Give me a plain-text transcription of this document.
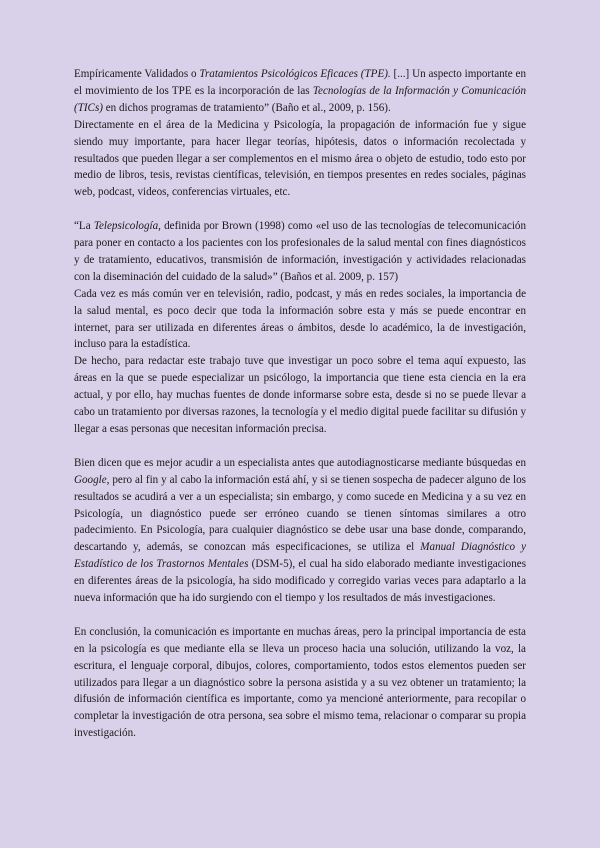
Empíricamente Validados o Tratamientos Psicológicos Eficaces (TPE). [...] Un aspecto importante en el movimiento de los TPE es la incorporación de las Tecnologías de la Información y Comunicación (TICs) en dichos programas de tratamiento” (Baño et al., 2009, p. 156).

Directamente en el área de la Medicina y Psicología, la propagación de información fue y sigue siendo muy importante, para hacer llegar teorías, hipótesis, datos o información recolectada y resultados que pueden llegar a ser complementos en el mismo área o objeto de estudio, todo esto por medio de libros, tesis, revistas científicas, televisión, en tiempos presentes en redes sociales, páginas web, podcast, videos, conferencias virtuales, etc.

“La Telepsicología, definida por Brown (1998) como «el uso de las tecnologías de telecomunicación para poner en contacto a los pacientes con los profesionales de la salud mental con fines diagnósticos y de tratamiento, educativos, transmisión de información, investigación y actividades relacionadas con la diseminación del cuidado de la salud»” (Baños et al. 2009, p. 157)

Cada vez es más común ver en televisión, radio, podcast, y más en redes sociales, la importancia de la salud mental, es poco decir que toda la información sobre esta y más se puede encontrar en internet, para ser utilizada en diferentes áreas o ámbitos, desde lo académico, la de investigación, incluso para la estadística.

De hecho, para redactar este trabajo tuve que investigar un poco sobre el tema aquí expuesto, las áreas en la que se puede especializar un psicólogo, la importancia que tiene esta ciencia en la era actual, y por ello, hay muchas fuentes de donde informarse sobre esta, desde si no se puede llevar a cabo un tratamiento por diversas razones, la tecnología y el medio digital puede facilitar su difusión y llegar a esas personas que necesitan información precisa.

Bien dicen que es mejor acudir a un especialista antes que autodiagnosticarse mediante búsquedas en Google, pero al fin y al cabo la información está ahí, y si se tienen sospecha de padecer alguno de los resultados se acudirá a ver a un especialista; sin embargo, y como sucede en Medicina y a su vez en Psicología, un diagnóstico puede ser erróneo cuando se tienen síntomas similares a otro padecimiento. En Psicología, para cualquier diagnóstico se debe usar una base donde, comparando, descartando y, además, se conozcan más especificaciones, se utiliza el Manual Diagnóstico y Estadístico de los Trastornos Mentales (DSM-5), el cual ha sido elaborado mediante investigaciones en diferentes áreas de la psicología, ha sido modificado y corregido varias veces para adaptarlo a la nueva información que ha ido surgiendo con el tiempo y los resultados de más investigaciones.

En conclusión, la comunicación es importante en muchas áreas, pero la principal importancia de esta en la psicología es que mediante ella se lleva un proceso hacia una solución, utilizando la voz, la escritura, el lenguaje corporal, dibujos, colores, comportamiento, todos estos elementos pueden ser utilizados para llegar a un diagnóstico sobre la persona asistida y a su vez obtener un tratamiento; la difusión de información científica es importante, como ya mencioné anteriormente, para recopilar o completar la investigación de otra persona, sea sobre el mismo tema, relacionar o comparar su propia investigación.
